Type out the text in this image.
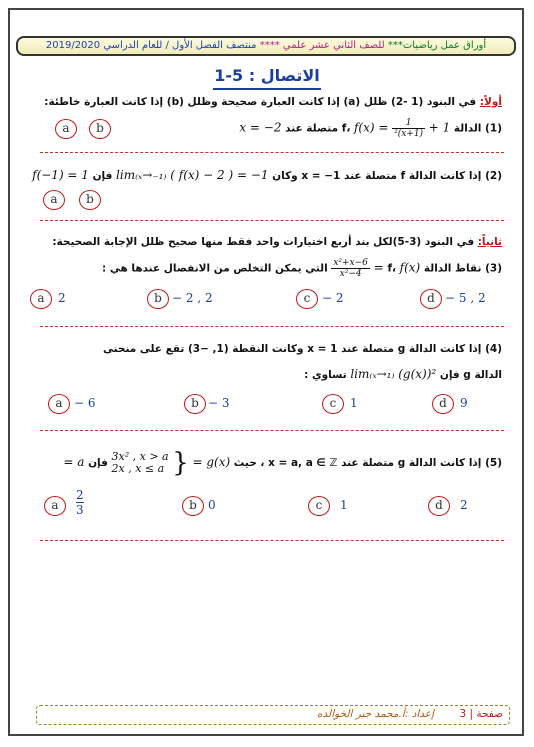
أوراق عمل رياضيات*** للصف الثاني عشر علمي **** منتصف الفصل الأول / للعام الدراسي 2019/2020
1-5 : الاتصال
أولاً: في البنود (1 -2) ظلل (a) إذا كانت العبارة صحيحة وظلل (b) إذا كانت العبارة خاطئة:
(1) الدالة f، $f(x) = \frac{1}{\text{(x+1)²}} + 1$ متصلة عند x = −2
a	b
(2) إذا كانت الدالة f متصلة عند x = −1 وكان lim₍ₓ→₋₁₎ ( f(x) − 2 ) = −1 فإن f(−1) = 1
a	b
ثانياً: في البنود (3-5)لكل بند أربع اختيارات واحد فقط منها صحيح ظلل الإجابة الصحيحة:
(3) نقاط الدالة f، f(x) =
$\frac{\text{x²+x−6}}{\text{x²−4}}$
التي يمكن التخلص من الانفصال عندها هي :
a	2	b − 2 , 2	c − 2	d − 5 , 2
(4) إذا كانت الدالة g متصلة عند x = 1 وكانت النقطة (1, −3) تقع على منحنى
الدالة g فإن lim₍ₓ→₁₎ (g(x))² تساوي :
a − 6	b − 3	c	1	d	9
(5) إذا كانت الدالة g متصلة عند x = a, a ∈ ℤ ، حيث g(x) = {
3x² , x > a
2x , x ≤ a
فإن a =
a	$\frac{2}{3}$	b 0	c	1	d	2
صفحة | 3
إعداد :أ.محمد جبر الخوالده
